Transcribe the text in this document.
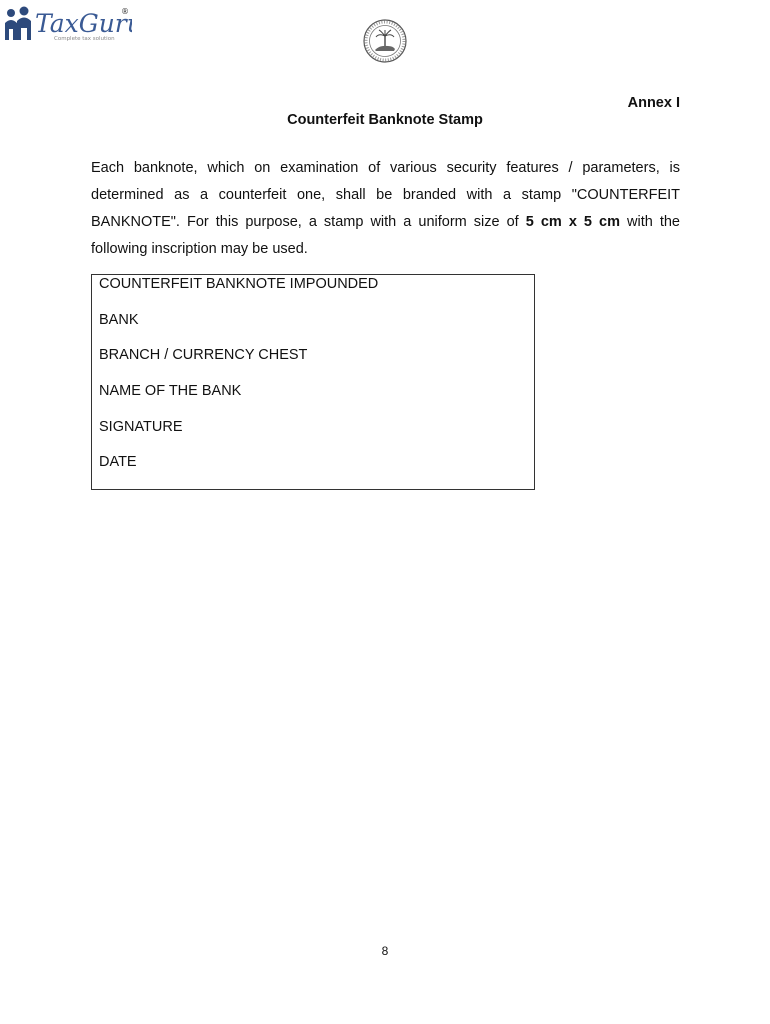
TaxGur
®
Complete tax solution
Annex I
Counterfeit Banknote Stamp
Each banknote, which on examination of various security features / parameters, is determined as a counterfeit one, shall be branded with a stamp "COUNTERFEIT BANKNOTE". For this purpose, a stamp with a uniform size of 5 cm x 5 cm with the following inscription may be used.
COUNTERFEIT BANKNOTE IMPOUNDED
BANK
BRANCH / CURRENCY CHEST
NAME OF THE BANK
SIGNATURE
DATE
8
